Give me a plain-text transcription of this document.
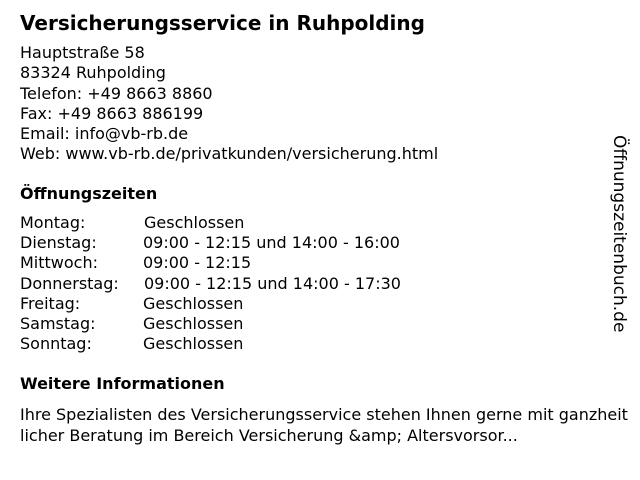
Versicherungsservice in Ruhpolding
Hauptstraße 58
83324 Ruhpolding
Telefon: +49 8663 8860
Fax: +49 8663 886199
Email: info@vb-rb.de
Web: www.vb-rb.de/privatkunden/versicherung.html
Öffnungszeiten
Montag:	Geschlossen
Dienstag:	09:00 - 12:15 und 14:00 - 16:00
Mittwoch:	09:00 - 12:15
Donnerstag:	09:00 - 12:15 und 14:00 - 17:30
Freitag:	Geschlossen
Samstag:	Geschlossen
Sonntag:	Geschlossen
Weitere Informationen

Ihre Spezialisten des Versicherungsservice stehen Ihnen gerne mit ganzheitlicher Beratung im Bereich Versicherung &amp; Altersvorsor...

Öffnungszeitenbuch.de
